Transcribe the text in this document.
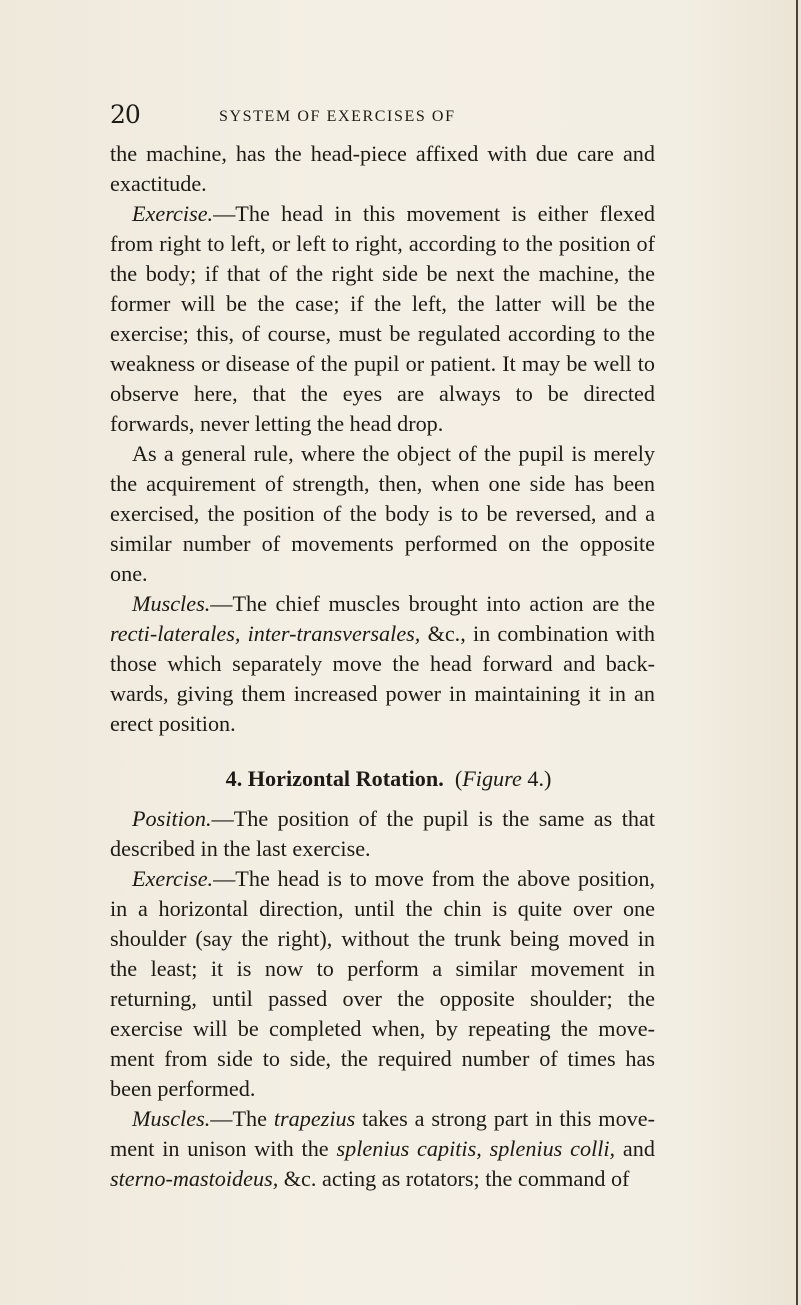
20	SYSTEM OF EXERCISES OF

the machine, has the head-piece affixed with due care and exactitude.

Exercise.—The head in this movement is either flexed from right to left, or left to right, according to the position of the body; if that of the right side be next the machine, the former will be the case; if the left, the latter will be the exercise; this, of course, must be regulated according to the weakness or disease of the pupil or patient. It may be well to observe here, that the eyes are always to be directed forwards, never letting the head drop.

As a general rule, where the object of the pupil is merely the acquirement of strength, then, when one side has been exercised, the position of the body is to be reversed, and a similar number of movements performed on the opposite one.

Muscles.—The chief muscles brought into action are the recti-laterales, inter-transversales, &c., in combination with those which separately move the head forward and back-wards, giving them increased power in maintaining it in an erect position.

4. Horizontal Rotation. (Figure 4.)

Position.—The position of the pupil is the same as that described in the last exercise.

Exercise.—The head is to move from the above position, in a horizontal direction, until the chin is quite over one shoulder (say the right), without the trunk being moved in the least; it is now to perform a similar movement in returning, until passed over the opposite shoulder; the exercise will be completed when, by repeating the move-ment from side to side, the required number of times has been performed.

Muscles.—The trapezius takes a strong part in this move-ment in unison with the splenius capitis, splenius colli, and sterno-mastoideus, &c. acting as rotators; the command of
